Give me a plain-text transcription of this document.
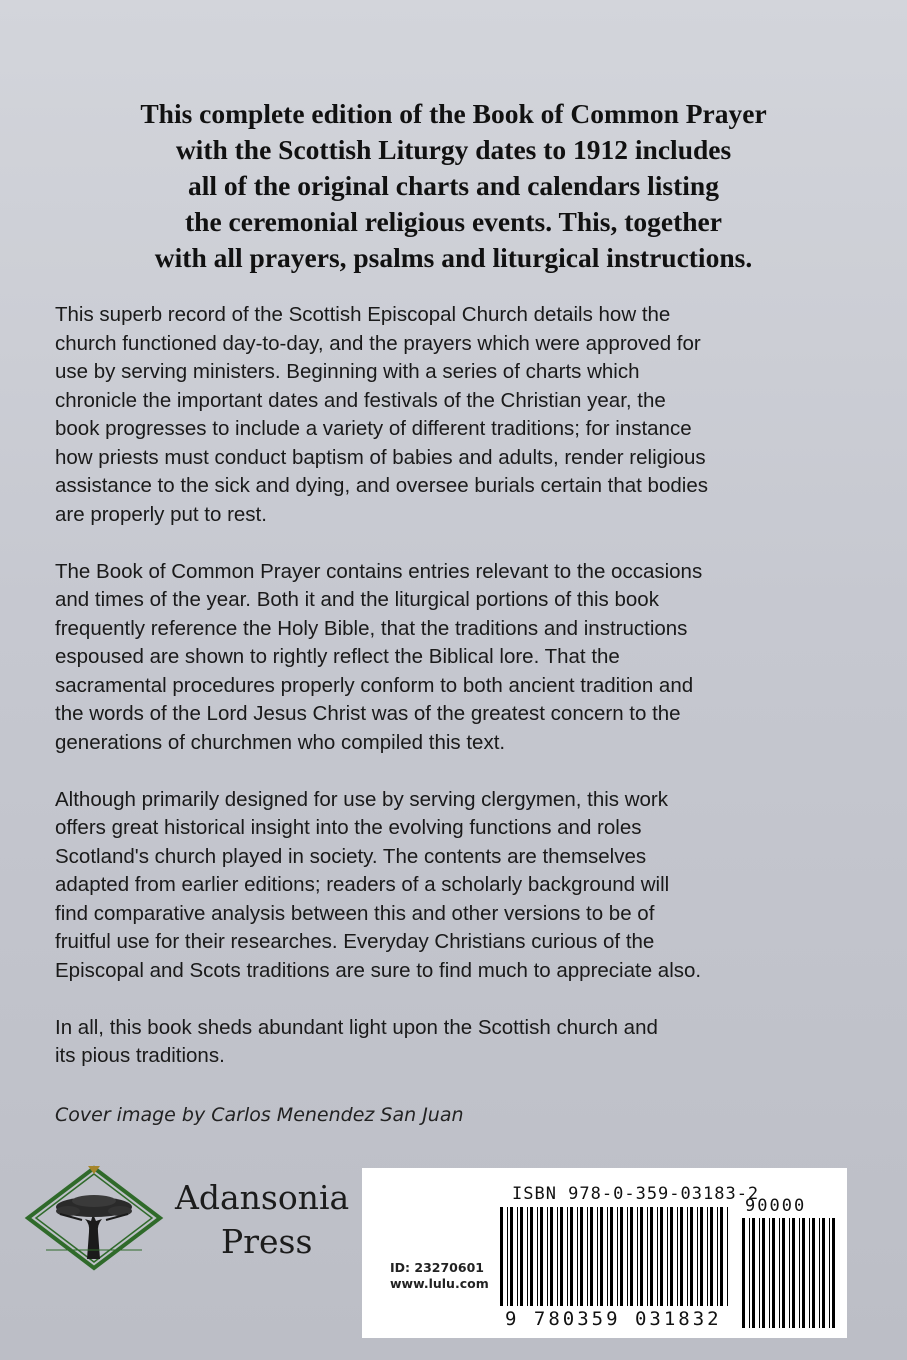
This complete edition of the Book of Common Prayer
with the Scottish Liturgy dates to 1912 includes
all of the original charts and calendars listing
the ceremonial religious events. This, together
with all prayers, psalms and liturgical instructions.

This superb record of the Scottish Episcopal Church details how the
church functioned day-to-day, and the prayers which were approved for
use by serving ministers. Beginning with a series of charts which
chronicle the important dates and festivals of the Christian year, the
book progresses to include a variety of different traditions; for instance
how priests must conduct baptism of babies and adults, render religious
assistance to the sick and dying, and oversee burials certain that bodies
are properly put to rest.

The Book of Common Prayer contains entries relevant to the occasions
and times of the year. Both it and the liturgical portions of this book
frequently reference the Holy Bible, that the traditions and instructions
espoused are shown to rightly reflect the Biblical lore. That the
sacramental procedures properly conform to both ancient tradition and
the words of the Lord Jesus Christ was of the greatest concern to the
generations of churchmen who compiled this text.

Although primarily designed for use by serving clergymen, this work
offers great historical insight into the evolving functions and roles
Scotland's church played in society. The contents are themselves
adapted from earlier editions; readers of a scholarly background will
find comparative analysis between this and other versions to be of
fruitful use for their researches. Everyday Christians curious of the
Episcopal and Scots traditions are sure to find much to appreciate also.

In all, this book sheds abundant light upon the Scottish church and
its pious traditions.

Cover image by Carlos Menendez San Juan
Adansonia
Press
ISBN 978-0-359-03183-2
ID: 23270601
www.lulu.com
90000
9 780359 031832
